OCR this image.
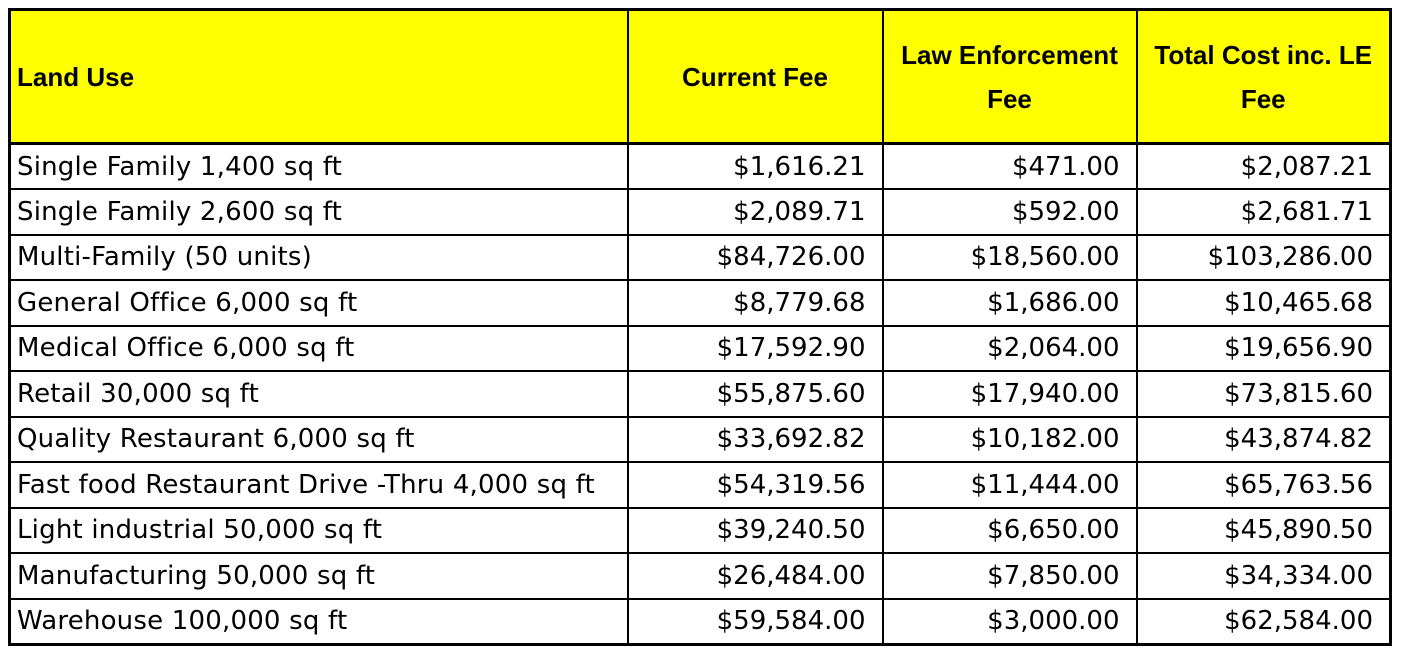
Land Use	Current Fee	Law Enforcement Fee	Total Cost inc. LE Fee
Single Family 1,400 sq ft	$1,616.21	$471.00	$2,087.21
Single Family 2,600 sq ft	$2,089.71	$592.00	$2,681.71
Multi-Family (50 units)	$84,726.00	$18,560.00	$103,286.00
General Office 6,000 sq ft	$8,779.68	$1,686.00	$10,465.68
Medical Office 6,000 sq ft	$17,592.90	$2,064.00	$19,656.90
Retail 30,000 sq ft	$55,875.60	$17,940.00	$73,815.60
Quality Restaurant 6,000 sq ft	$33,692.82	$10,182.00	$43,874.82
Fast food Restaurant Drive -Thru 4,000 sq ft	$54,319.56	$11,444.00	$65,763.56
Light industrial 50,000 sq ft	$39,240.50	$6,650.00	$45,890.50
Manufacturing 50,000 sq ft	$26,484.00	$7,850.00	$34,334.00
Warehouse 100,000 sq ft	$59,584.00	$3,000.00	$62,584.00
